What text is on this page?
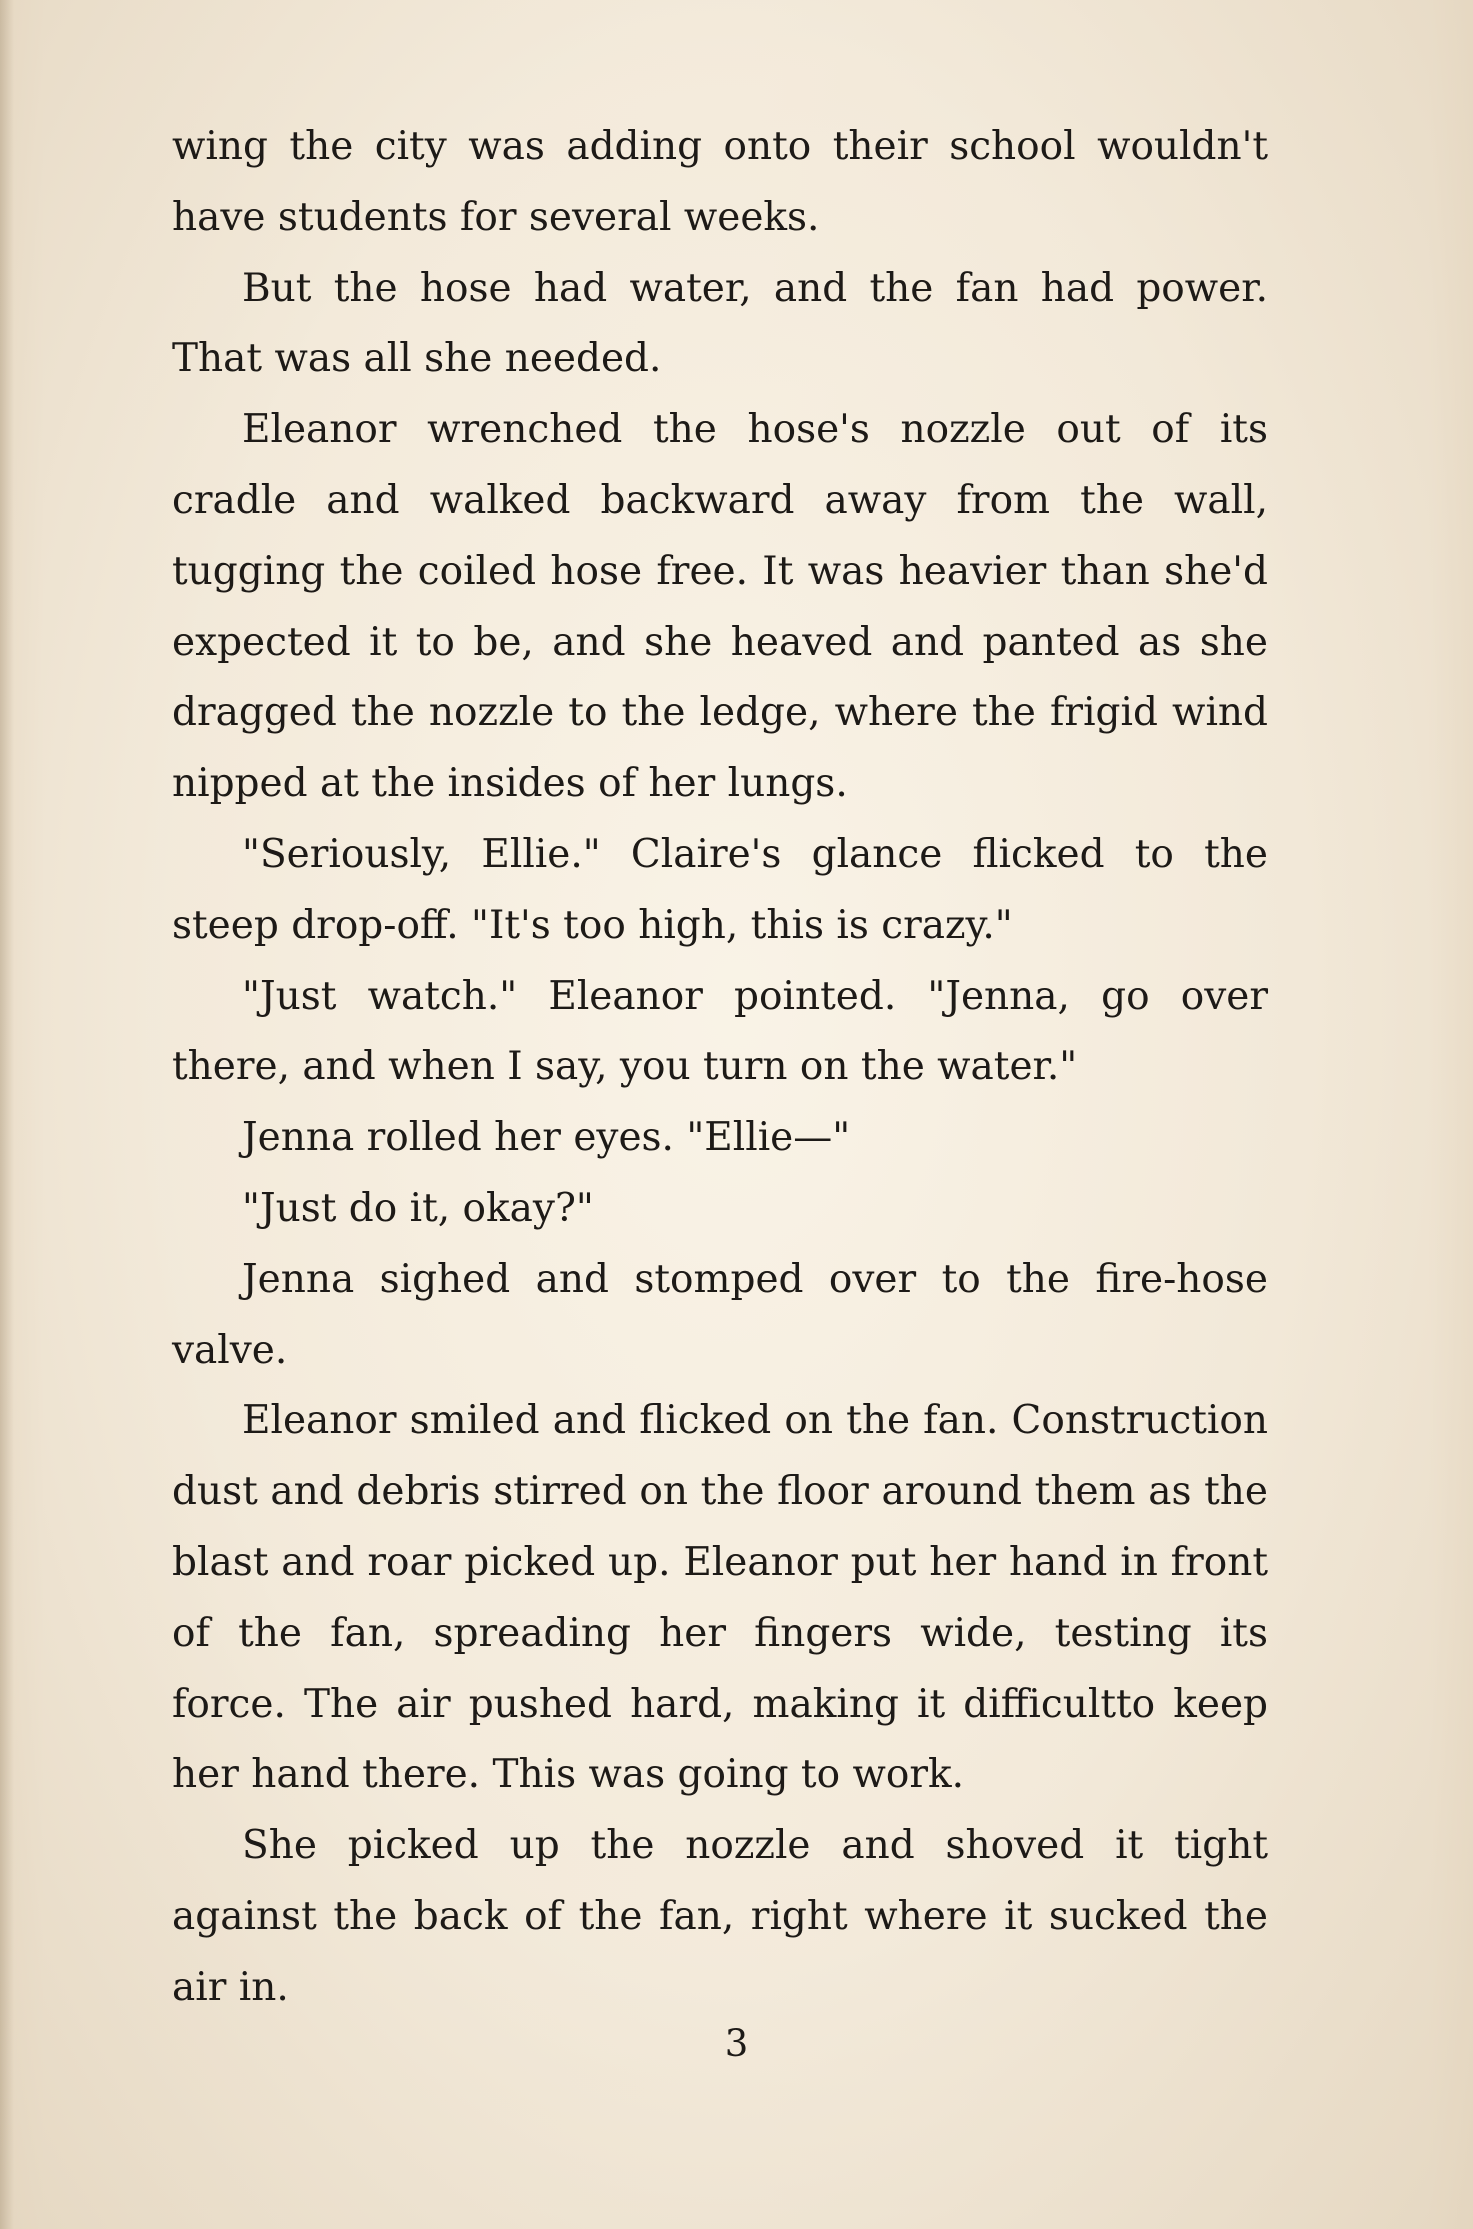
wing the city was adding onto their school wouldn't have students for several weeks.

But the hose had water, and the fan had power. That was all she needed.

Eleanor wrenched the hose's nozzle out of its cradle and walked backward away from the wall, tugging the coiled hose free. It was heavier than she'd expected it to be, and she heaved and panted as she dragged the nozzle to the ledge, where the frigid wind nipped at the insides of her lungs.

"Seriously, Ellie." Claire's glance flicked to the steep drop-off. "It's too high, this is crazy."

"Just watch." Eleanor pointed. "Jenna, go over there, and when I say, you turn on the water."

Jenna rolled her eyes. "Ellie—"

"Just do it, okay?"

Jenna sighed and stomped over to the fire-hose valve.

Eleanor smiled and flicked on the fan. Construction dust and debris stirred on the floor around them as the blast and roar picked up. Eleanor put her hand in front of the fan, spreading her fingers wide, testing its force. The air pushed hard, making it difficultto keep her hand there. This was going to work.

She picked up the nozzle and shoved it tight against the back of the fan, right where it sucked the air in.

3
